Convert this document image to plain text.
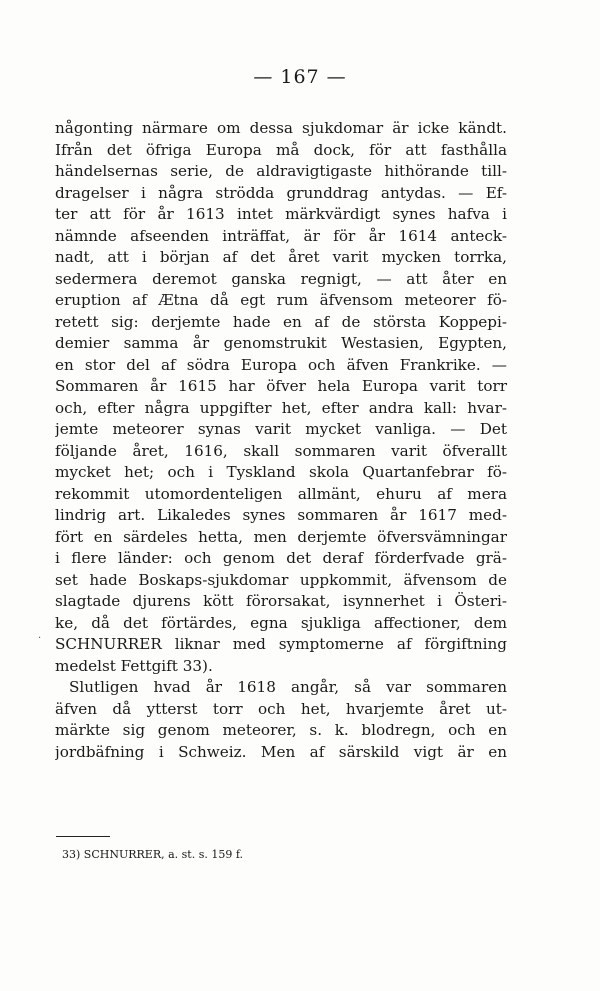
— 167 —
någonting närmare om dessa sjukdomar är icke kändt.
Ifrån det öfriga Europa må dock, för att fasthålla
händelsernas serie, de aldravigtigaste hithörande till-
dragelser i några strödda grunddrag antydas. — Ef-
ter att för år 1613 intet märkvärdigt synes hafva i
nämnde afseenden inträffat, är för år 1614 anteck-
nadt, att i början af det året varit mycken torrka,
sedermera deremot ganska regnigt, — att åter en
eruption af Ætna då egt rum äfvensom meteorer fö-
retett sig: derjemte hade en af de största Koppepi-
demier samma år genomstrukit Westasien, Egypten,
en stor del af södra Europa och äfven Frankrike. —
Sommaren år 1615 har öfver hela Europa varit torr
och, efter några uppgifter het, efter andra kall: hvar-
jemte meteorer synas varit mycket vanliga. — Det
följande året, 1616, skall sommaren varit öfverallt
mycket het; och i Tyskland skola Quartanfebrar fö-
rekommit utomordenteligen allmänt, ehuru af mera
lindrig art. Likaledes synes sommaren år 1617 med-
fört en särdeles hetta, men derjemte öfversvämningar
i flere länder: och genom det deraf förderfvade grä-
set hade Boskaps-sjukdomar uppkommit, äfvensom de
slagtade djurens kött förorsakat, isynnerhet i Österi-
ke, då det förtärdes, egna sjukliga affectioner, dem
SCHNURRER liknar med symptomerne af förgiftning
medelst Fettgift 33).
Slutligen hvad år 1618 angår, så var sommaren
äfven då ytterst torr och het, hvarjemte året ut-
märkte sig genom meteorer, s. k. blodregn, och en
jordbäfning i Schweiz. Men af särskild vigt är en
·
33) SCHNURRER, a. st. s. 159 f.
